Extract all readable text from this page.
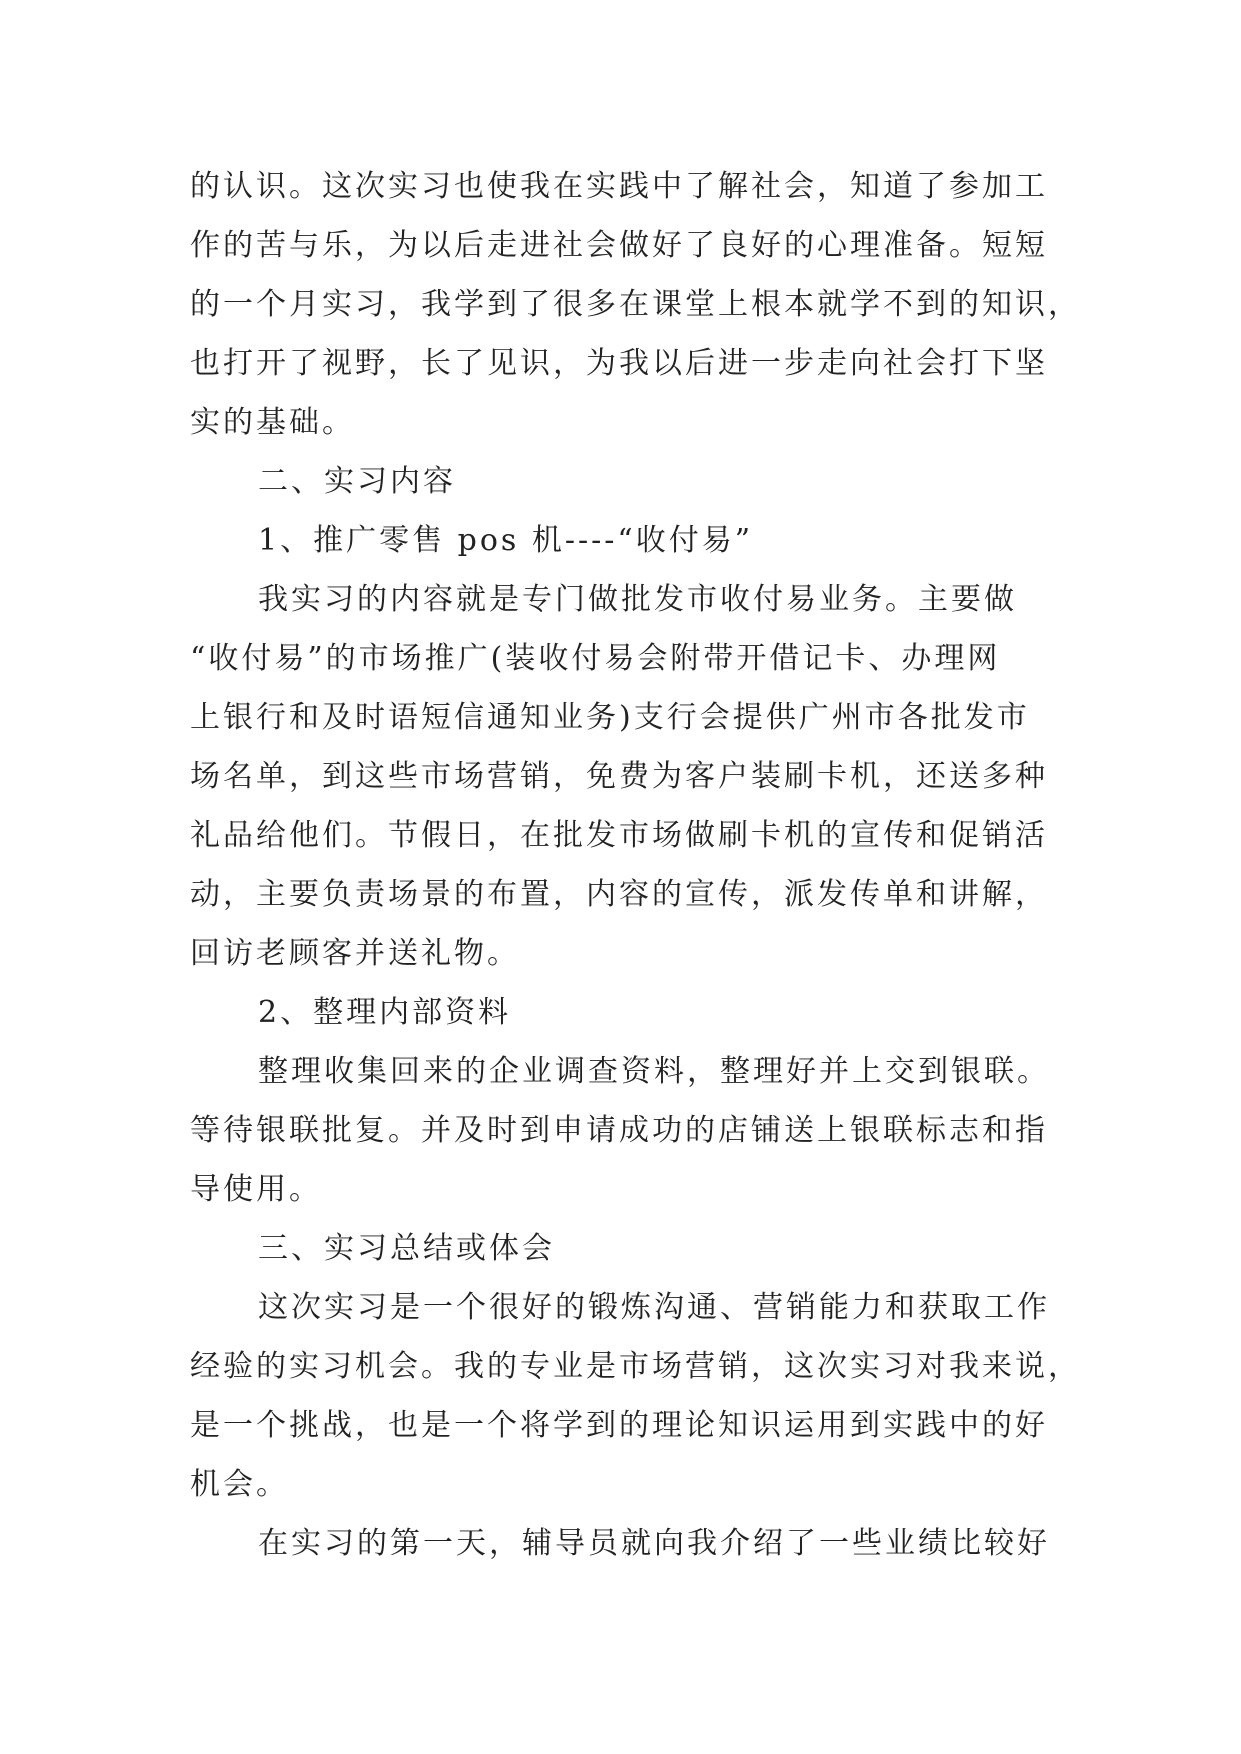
的认识。这次实习也使我在实践中了解社会，知道了参加工
作的苦与乐，为以后走进社会做好了良好的心理准备。短短
的一个月实习，我学到了很多在课堂上根本就学不到的知识，
也打开了视野，长了见识，为我以后进一步走向社会打下坚
实的基础。
二、实习内容
1、推广零售 pos 机----“收付易”
我实习的内容就是专门做批发市收付易业务。主要做
“收付易”的市场推广(装收付易会附带开借记卡、办理网
上银行和及时语短信通知业务)支行会提供广州市各批发市
场名单，到这些市场营销，免费为客户装刷卡机，还送多种
礼品给他们。节假日，在批发市场做刷卡机的宣传和促销活
动，主要负责场景的布置，内容的宣传，派发传单和讲解，
回访老顾客并送礼物。
2、整理内部资料
整理收集回来的企业调查资料，整理好并上交到银联。
等待银联批复。并及时到申请成功的店铺送上银联标志和指
导使用。
三、实习总结或体会
这次实习是一个很好的锻炼沟通、营销能力和获取工作
经验的实习机会。我的专业是市场营销，这次实习对我来说，
是一个挑战，也是一个将学到的理论知识运用到实践中的好
机会。
在实习的第一天，辅导员就向我介绍了一些业绩比较好
